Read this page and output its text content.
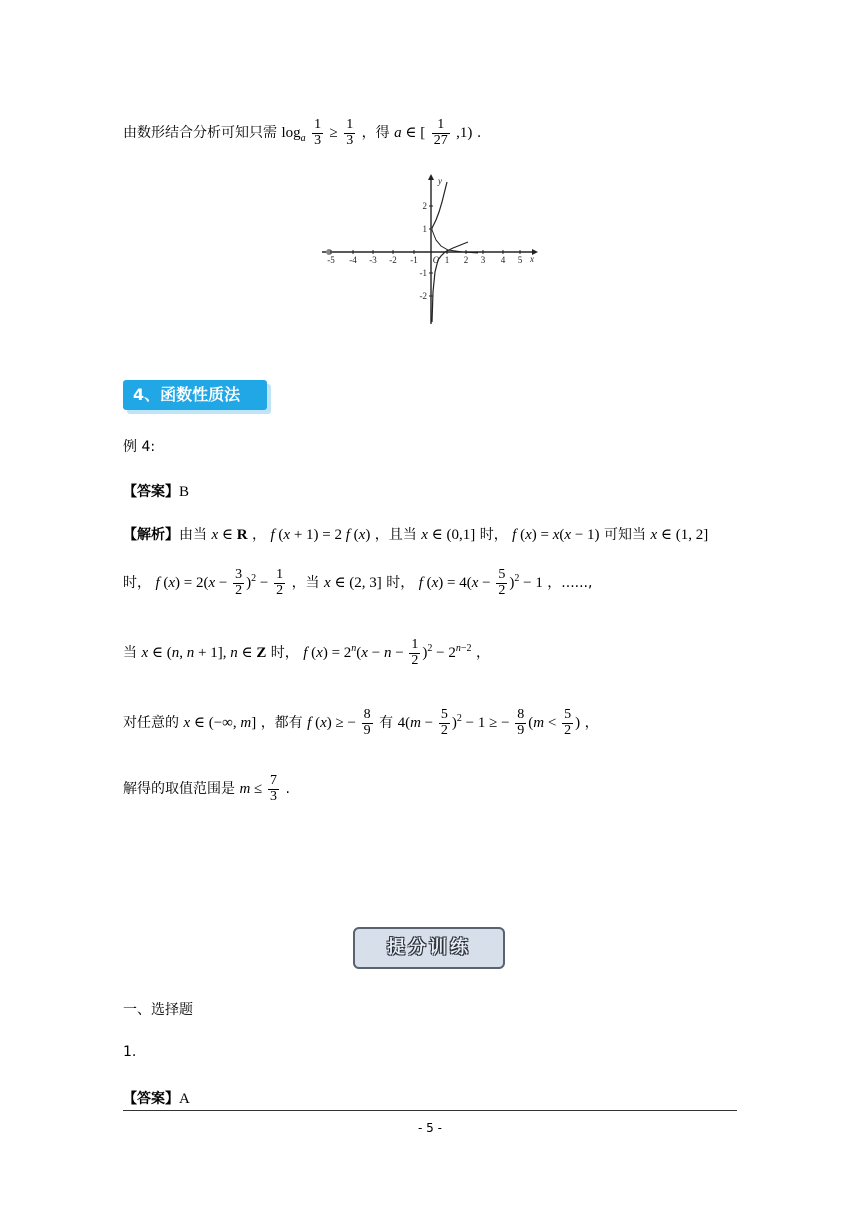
由数形结合分析可知只需 $\log_a \frac{1}{3} \ge \frac{1}{3}$ ，得 a ∈ [ $\frac{1}{27} ,1$) .
-5 -4 -3 -2 -1	1 2 3 4 5 x
O
2
1
-1
-2
y
4、函数性质法
例 4:
【答案】B
【解析】由当 x ∈ R ， f (x + 1) = 2 f (x) ，且当 x ∈ (0,1] 时， f (x) = x(x − 1) 可知当 x ∈ (1, 2]
时， f $(x) = 2(x - \frac{3}{2} )^2 - \frac{1}{2}$ ，当 x ∈ (2, 3] 时， f $(x) = 4(x - \frac{5}{2} )^2 - 1$ ，......,
当 x ∈ (n, n + 1], n ∈ Z 时， f $(x) = 2^n(x - n - \frac{1}{2} )^2 - 2^{n-2}$ ，
对任意的 x ∈ (−∞, m] ，都有 f (x) ≥ − $\frac{8}{9}$ 有 $4(m - \frac{5}{2} )^2 - 1$ ≥ − $\frac{8}{9} (m < \frac{5}{2}$ ) ，
解得的取值范围是 $m \le \frac{7}{3}$ .
提分训练
一、选择题
1.
【答案】A
- 5 -
